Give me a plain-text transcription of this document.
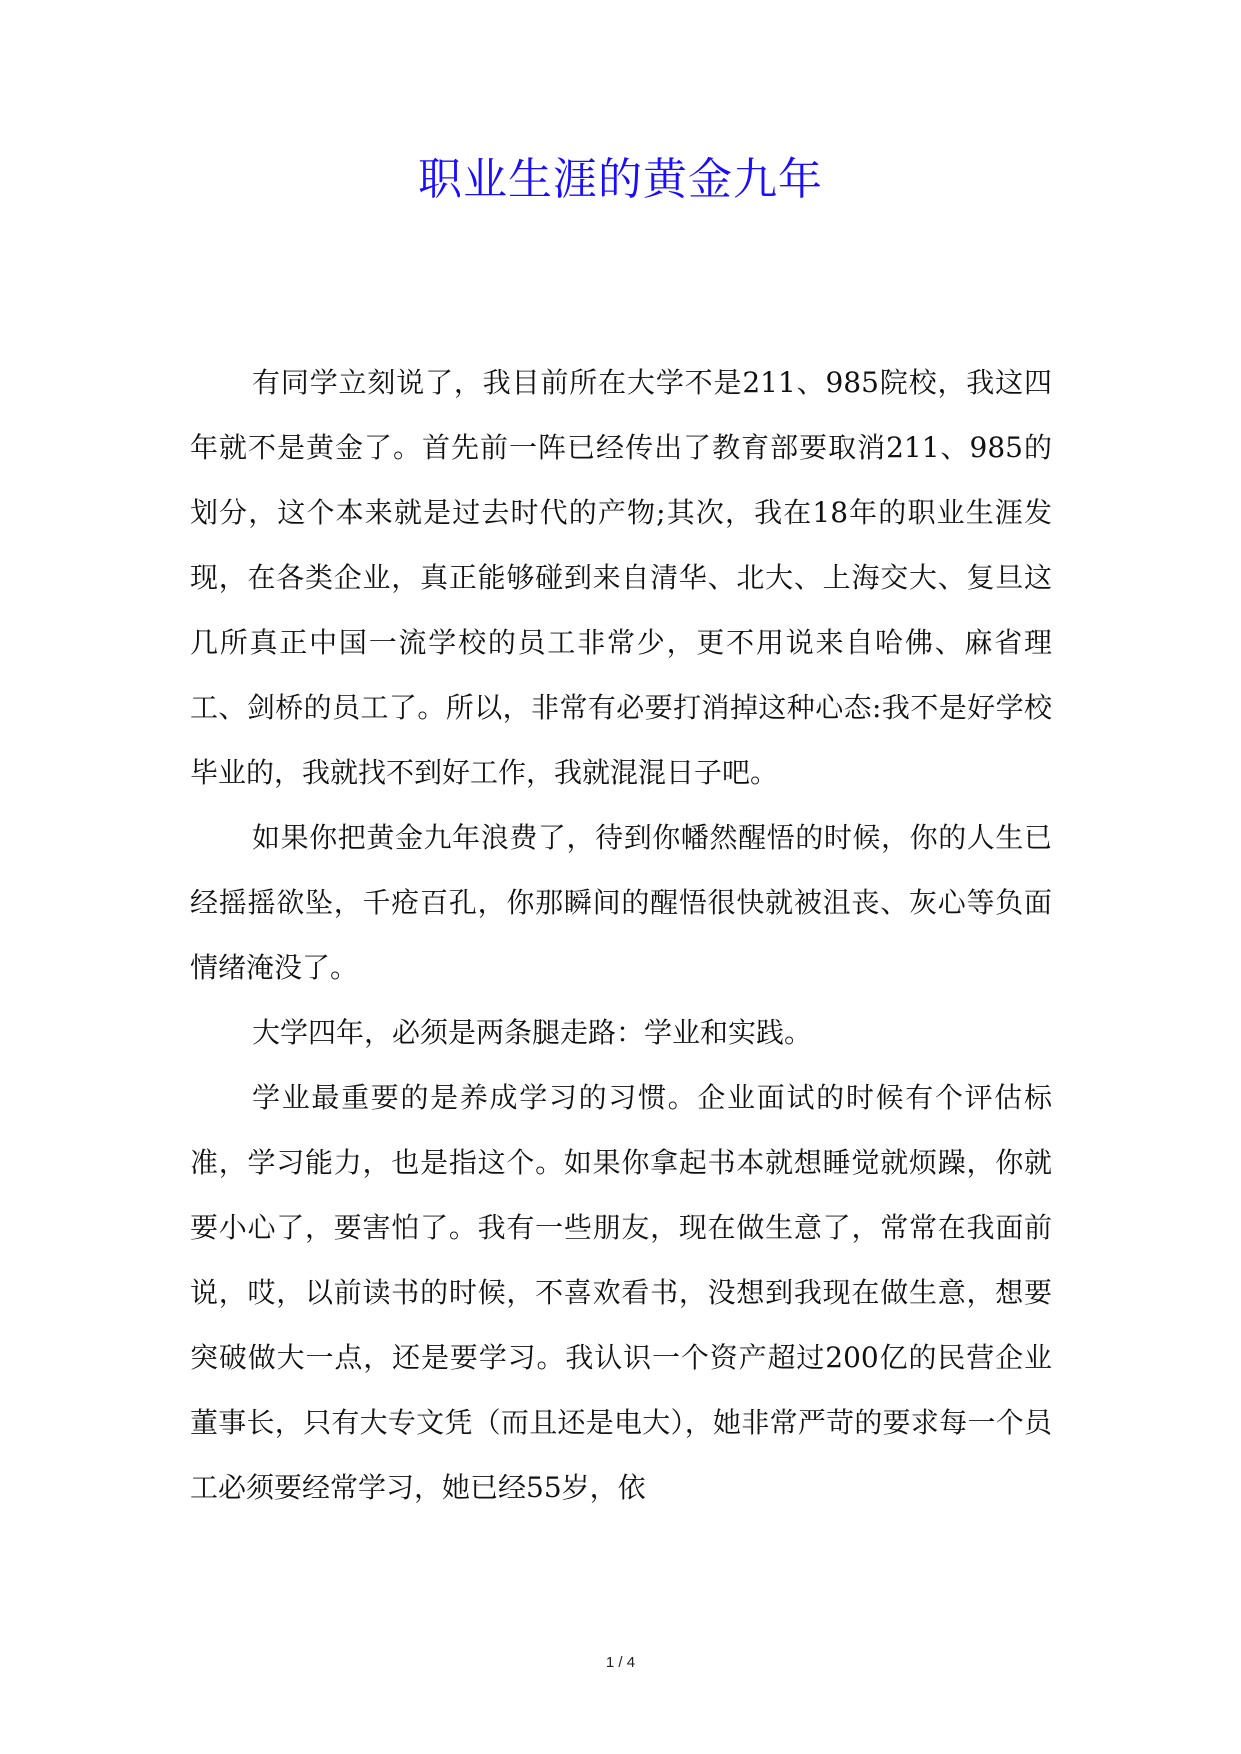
职业生涯的黄金九年

有同学立刻说了，我目前所在大学不是211、985院校，我这四年就不是黄金了。首先前一阵已经传出了教育部要取消211、985的划分，这个本来就是过去时代的产物;其次，我在18年的职业生涯发现，在各类企业，真正能够碰到来自清华、北大、上海交大、复旦这几所真正中国一流学校的员工非常少，更不用说来自哈佛、麻省理工、剑桥的员工了。所以，非常有必要打消掉这种心态:我不是好学校毕业的，我就找不到好工作，我就混混日子吧。

如果你把黄金九年浪费了，待到你幡然醒悟的时候，你的人生已经摇摇欲坠，千疮百孔，你那瞬间的醒悟很快就被沮丧、灰心等负面情绪淹没了。

大学四年，必须是两条腿走路：学业和实践。

学业最重要的是养成学习的习惯。企业面试的时候有个评估标准，学习能力，也是指这个。如果你拿起书本就想睡觉就烦躁，你就要小心了，要害怕了。我有一些朋友，现在做生意了，常常在我面前说，哎，以前读书的时候，不喜欢看书，没想到我现在做生意，想要突破做大一点，还是要学习。我认识一个资产超过200亿的民营企业董事长，只有大专文凭（而且还是电大），她非常严苛的要求每一个员工必须要经常学习，她已经55岁，依

1 / 4
